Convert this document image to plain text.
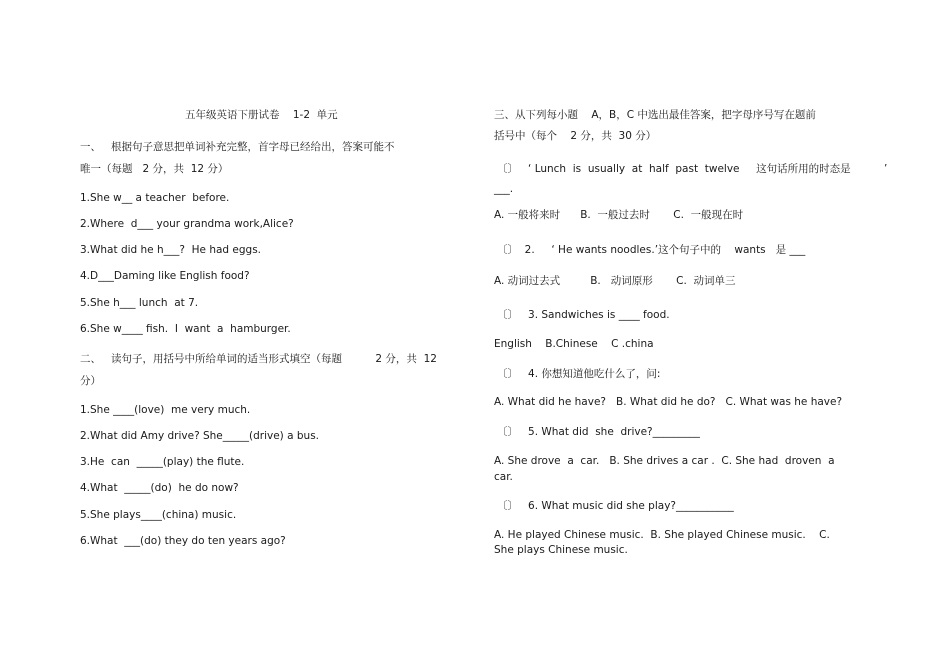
五年级英语下册试卷    1-2  单元
一、   根据句子意思把单词补充完整，首字母已经给出，答案可能不
唯一（每题   2 分，共  12 分）
1.She w__ a teacher  before.
2.Where  d___ your grandma work,Alice?
3.What did he h___?  He had eggs.
4.D___Daming like English food?
5.She h___ lunch  at 7.
6.She w____ fish.  I  want  a  hamburger.
二、   读句子，用括号中所给单词的适当形式填空（每题          2 分，共  12
分）
1.She ____(love)  me very much.
2.What did Amy drive? She_____(drive) a bus.
3.He  can  _____(play) the flute.
4.What  _____(do)  he do now?
5.She plays____(china) music.
6.What  ___(do) they do ten years ago?
三、从下列每小题    A，B，C 中选出最佳答案，把字母序号写在题前
括号中（每个    2 分，共  30 分）
〔〕   ‘ Lunch  is  usually  at  half  past  twelve     这句话所用的时态是          ’
___.
A. 一般将来时      B.  一般过去时       C.  一般现在时
〔〕  2.     ‘ He wants noodles.’这个句子中的    wants   是 ___
A. 动词过去式         B.   动词原形       C.  动词单三
〔〕   3. Sandwiches is ____ food.
English    B.Chinese    C .china
〔〕   4. 你想知道他吃什么了，问:
A. What did he have?   B. What did he do?   C. What was he have?
〔〕   5. What did  she  drive?_________
A. She drove  a  car.   B. She drives a car .  C. She had  droven  a
car.
〔〕   6. What music did she play?___________
A. He played Chinese music.  B. She played Chinese music.    C.
She plays Chinese music.
